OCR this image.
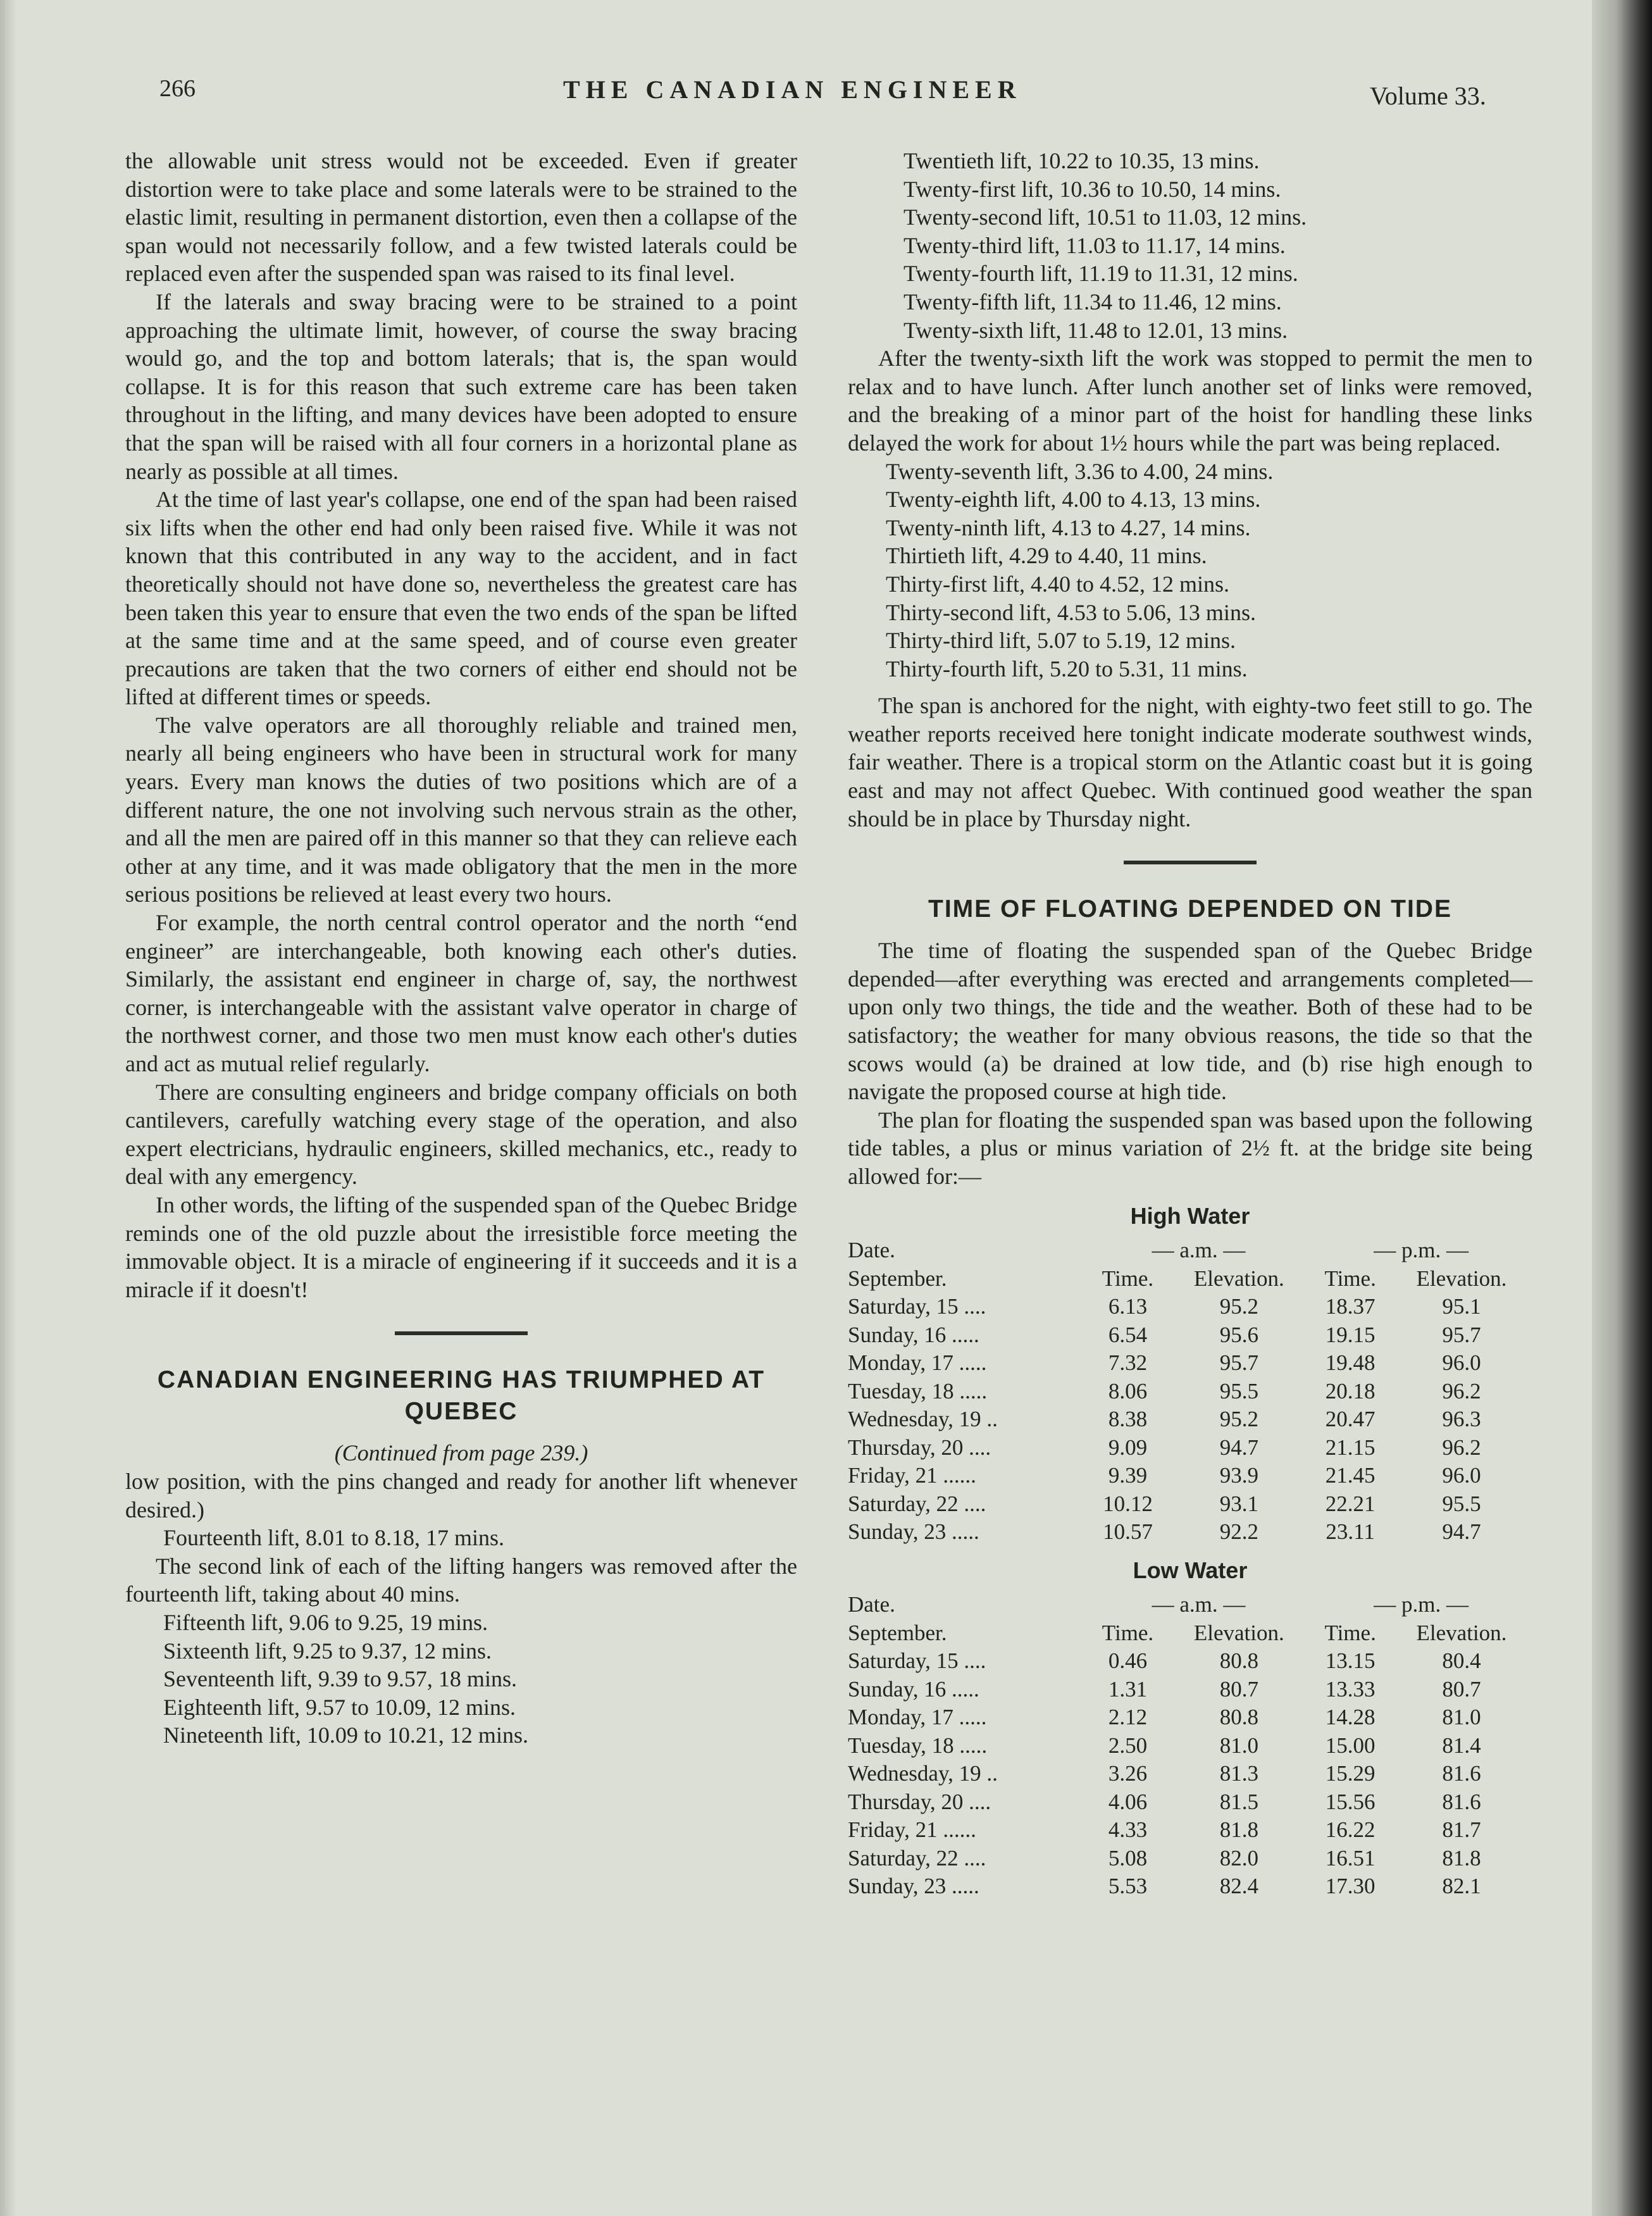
266	THE CANADIAN ENGINEER	Volume 33.

the allowable unit stress would not be exceeded. Even if greater distortion were to take place and some laterals were to be strained to the elastic limit, resulting in permanent distortion, even then a collapse of the span would not necessarily follow, and a few twisted laterals could be replaced even after the suspended span was raised to its final level.

If the laterals and sway bracing were to be strained to a point approaching the ultimate limit, however, of course the sway bracing would go, and the top and bottom laterals; that is, the span would collapse. It is for this reason that such extreme care has been taken throughout in the lifting, and many devices have been adopted to ensure that the span will be raised with all four corners in a horizontal plane as nearly as possible at all times.

At the time of last year's collapse, one end of the span had been raised six lifts when the other end had only been raised five. While it was not known that this contributed in any way to the accident, and in fact theoretically should not have done so, nevertheless the greatest care has been taken this year to ensure that even the two ends of the span be lifted at the same time and at the same speed, and of course even greater precautions are taken that the two corners of either end should not be lifted at different times or speeds.

The valve operators are all thoroughly reliable and trained men, nearly all being engineers who have been in structural work for many years. Every man knows the duties of two positions which are of a different nature, the one not involving such nervous strain as the other, and all the men are paired off in this manner so that they can relieve each other at any time, and it was made obligatory that the men in the more serious positions be relieved at least every two hours.

For example, the north central control operator and the north “end engineer” are interchangeable, both knowing each other's duties. Similarly, the assistant end engineer in charge of, say, the northwest corner, is interchangeable with the assistant valve operator in charge of the northwest corner, and those two men must know each other's duties and act as mutual relief regularly.

There are consulting engineers and bridge company officials on both cantilevers, carefully watching every stage of the operation, and also expert electricians, hydraulic engineers, skilled mechanics, etc., ready to deal with any emergency.

In other words, the lifting of the suspended span of the Quebec Bridge reminds one of the old puzzle about the irresistible force meeting the immovable object. It is a miracle of engineering if it succeeds and it is a miracle if it doesn't!

CANADIAN ENGINEERING HAS TRIUMPHED AT QUEBEC
(Continued from page 239.)

low position, with the pins changed and ready for another lift whenever desired.)

Fourteenth lift, 8.01 to 8.18, 17 mins.

The second link of each of the lifting hangers was removed after the fourteenth lift, taking about 40 mins.

Fifteenth lift, 9.06 to 9.25, 19 mins.
Sixteenth lift, 9.25 to 9.37, 12 mins.
Seventeenth lift, 9.39 to 9.57, 18 mins.
Eighteenth lift, 9.57 to 10.09, 12 mins.
Nineteenth lift, 10.09 to 10.21, 12 mins.
Twentieth lift, 10.22 to 10.35, 13 mins.
Twenty-first lift, 10.36 to 10.50, 14 mins.
Twenty-second lift, 10.51 to 11.03, 12 mins.
Twenty-third lift, 11.03 to 11.17, 14 mins.
Twenty-fourth lift, 11.19 to 11.31, 12 mins.
Twenty-fifth lift, 11.34 to 11.46, 12 mins.
Twenty-sixth lift, 11.48 to 12.01, 13 mins.

After the twenty-sixth lift the work was stopped to permit the men to relax and to have lunch. After lunch another set of links were removed, and the breaking of a minor part of the hoist for handling these links delayed the work for about 1½ hours while the part was being replaced.

Twenty-seventh lift, 3.36 to 4.00, 24 mins.
Twenty-eighth lift, 4.00 to 4.13, 13 mins.
Twenty-ninth lift, 4.13 to 4.27, 14 mins.
Thirtieth lift, 4.29 to 4.40, 11 mins.
Thirty-first lift, 4.40 to 4.52, 12 mins.
Thirty-second lift, 4.53 to 5.06, 13 mins.
Thirty-third lift, 5.07 to 5.19, 12 mins.
Thirty-fourth lift, 5.20 to 5.31, 11 mins.

The span is anchored for the night, with eighty-two feet still to go. The weather reports received here tonight indicate moderate southwest winds, fair weather. There is a tropical storm on the Atlantic coast but it is going east and may not affect Quebec. With continued good weather the span should be in place by Thursday night.

TIME OF FLOATING DEPENDED ON TIDE

The time of floating the suspended span of the Quebec Bridge depended—after everything was erected and arrangements completed—upon only two things, the tide and the weather. Both of these had to be satisfactory; the weather for many obvious reasons, the tide so that the scows would (a) be drained at low tide, and (b) rise high enough to navigate the proposed course at high tide.

The plan for floating the suspended span was based upon the following tide tables, a plus or minus variation of 2½ ft. at the bridge site being allowed for:—

High Water
Date.	— a.m. —		— p.m. —	
September.	Time.	Elevation.	Time.	Elevation.
Saturday, 15 ....	6.13	95.2	18.37	95.1
Sunday, 16 .....	6.54	95.6	19.15	95.7
Monday, 17 .....	7.32	95.7	19.48	96.0
Tuesday, 18 .....	8.06	95.5	20.18	96.2
Wednesday, 19 ..	8.38	95.2	20.47	96.3
Thursday, 20 ....	9.09	94.7	21.15	96.2
Friday, 21 ......	9.39	93.9	21.45	96.0
Saturday, 22 ....	10.12	93.1	22.21	95.5
Sunday, 23 .....	10.57	92.2	23.11	94.7
Low Water
Date.	— a.m. —		— p.m. —	
September.	Time.	Elevation.	Time.	Elevation.
Saturday, 15 ....	0.46	80.8	13.15	80.4
Sunday, 16 .....	1.31	80.7	13.33	80.7
Monday, 17 .....	2.12	80.8	14.28	81.0
Tuesday, 18 .....	2.50	81.0	15.00	81.4
Wednesday, 19 ..	3.26	81.3	15.29	81.6
Thursday, 20 ....	4.06	81.5	15.56	81.6
Friday, 21 ......	4.33	81.8	16.22	81.7
Saturday, 22 ....	5.08	82.0	16.51	81.8
Sunday, 23 .....	5.53	82.4	17.30	82.1
